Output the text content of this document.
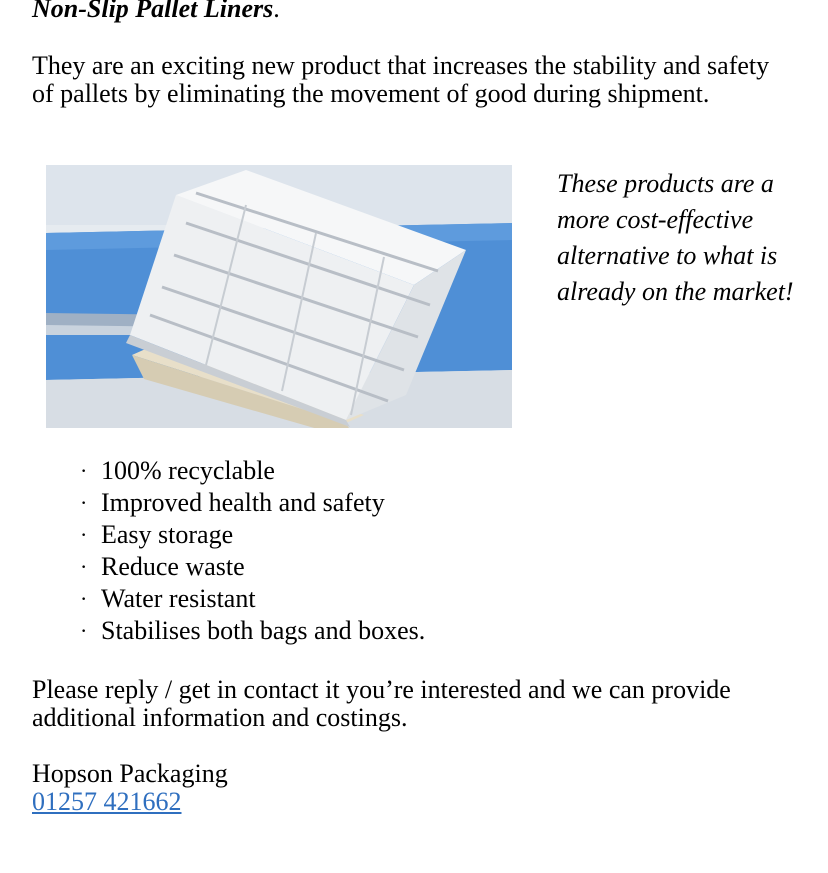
Non-Slip Pallet Liners.

They are an exciting new product that increases the stability and safety of pallets by eliminating the movement of good during shipment.

These products are a more cost-effective alternative to what is already on the market!

· 100% recyclable
· Improved health and safety
· Easy storage
· Reduce waste
· Water resistant
· Stabilises both bags and boxes.

Please reply / get in contact it you’re interested and we can provide additional information and costings.

Hopson Packaging
01257 421662
